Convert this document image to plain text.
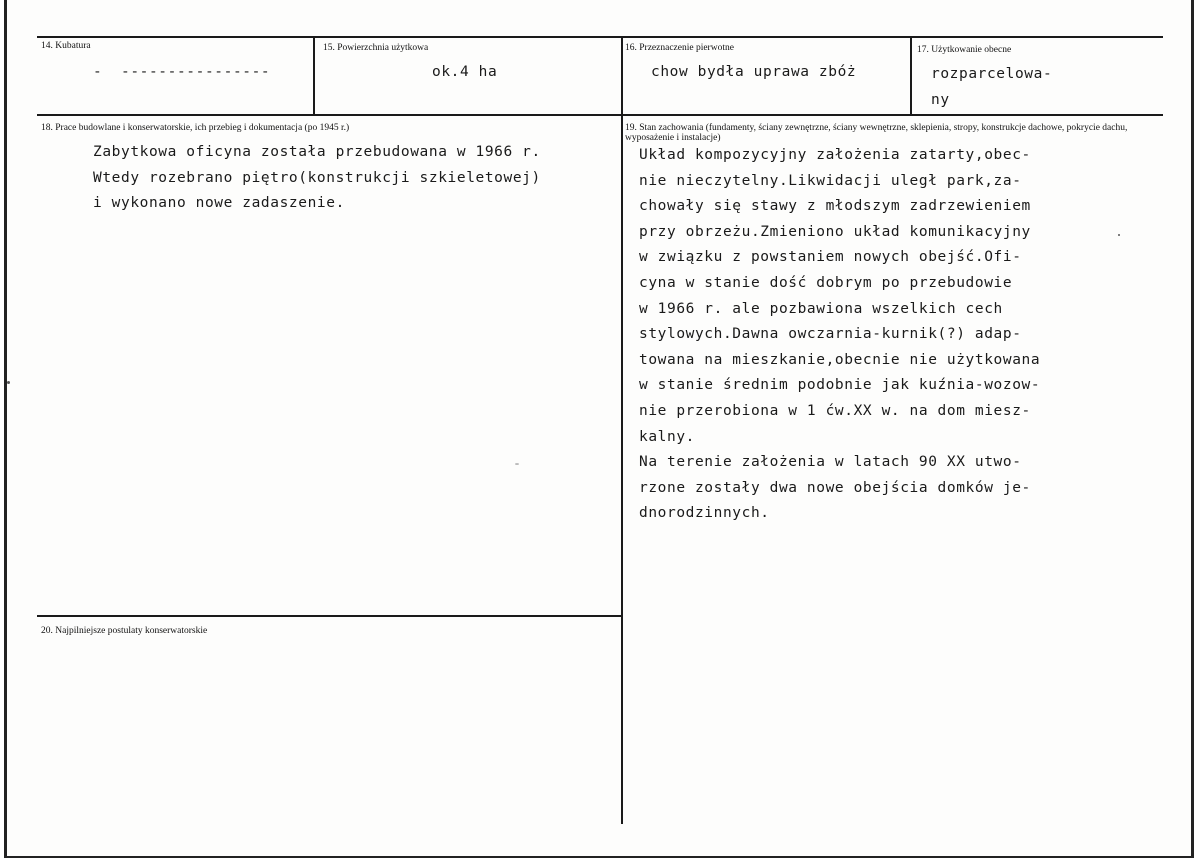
14. Kubatura
-  ----------------
15. Powierzchnia użytkowa
ok.4 ha
16. Przeznaczenie pierwotne
chow bydła uprawa zbóż
17. Użytkowanie obecne
rozparcelowa-
ny
18. Prace budowlane i konserwatorskie, ich przebieg i dokumentacja (po 1945 r.)
Zabytkowa oficyna została przebudowana w 1966 r.
Wtedy rozebrano piętro(konstrukcji szkieletowej)
i wykonano nowe zadaszenie.
19. Stan zachowania (fundamenty, ściany zewnętrzne, ściany wewnętrzne, sklepienia, stropy, konstrukcje dachowe, pokrycie dachu, wyposażenie i instalacje)
Układ kompozycyjny założenia zatarty,obec-
nie nieczytelny.Likwidacji uległ park,za-
chowały się stawy z młodszym zadrzewieniem
przy obrzeżu.Zmieniono układ komunikacyjny
w związku z powstaniem nowych obejść.Ofi-
cyna w stanie dość dobrym po przebudowie
w 1966 r. ale pozbawiona wszelkich cech
stylowych.Dawna owczarnia-kurnik(?) adap-
towana na mieszkanie,obecnie nie użytkowana
w stanie średnim podobnie jak kuźnia-wozow-
nie przerobiona w 1 ćw.XX w. na dom miesz-
kalny.
Na terenie założenia w latach 90 XX utwo-
rzone zostały dwa nowe obejścia domków je-
dnorodzinnych.
20. Najpilniejsze postulaty konserwatorskie
